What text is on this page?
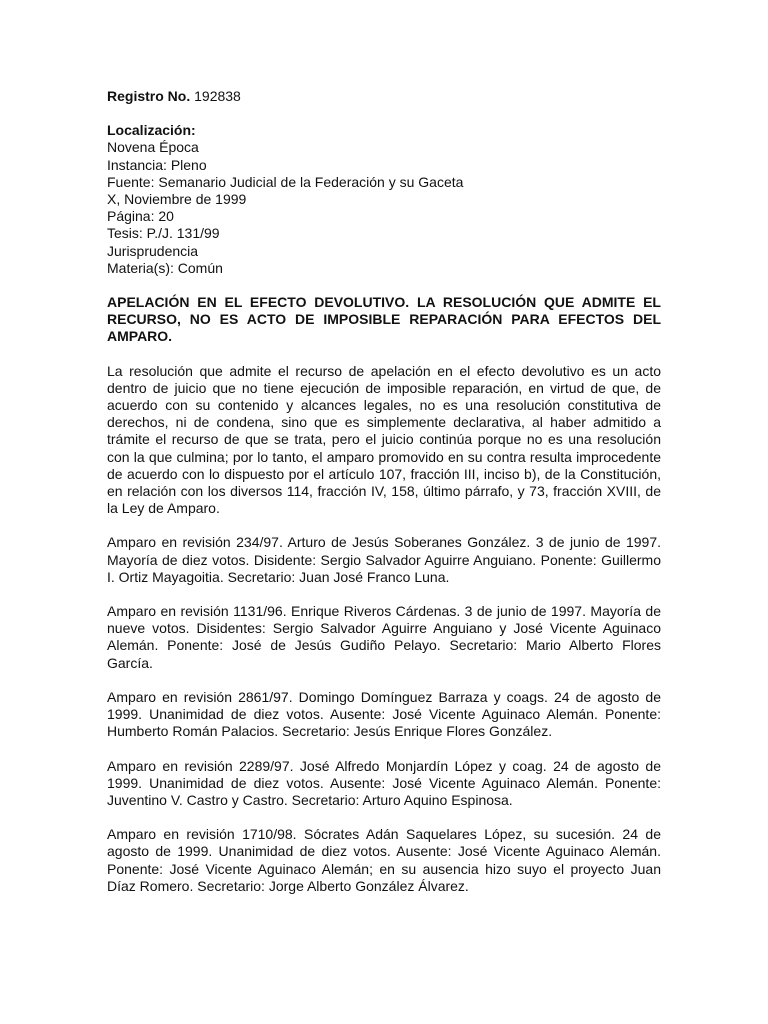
Registro No. 192838
Localización:
Novena Época
Instancia: Pleno
Fuente: Semanario Judicial de la Federación y su Gaceta
X, Noviembre de 1999
Página: 20
Tesis: P./J. 131/99
Jurisprudencia
Materia(s): Común
APELACIÓN EN EL EFECTO DEVOLUTIVO. LA RESOLUCIÓN QUE ADMITE EL RECURSO, NO ES ACTO DE IMPOSIBLE REPARACIÓN PARA EFECTOS DEL AMPARO.
La resolución que admite el recurso de apelación en el efecto devolutivo es un acto dentro de juicio que no tiene ejecución de imposible reparación, en virtud de que, de acuerdo con su contenido y alcances legales, no es una resolución constitutiva de derechos, ni de condena, sino que es simplemente declarativa, al haber admitido a trámite el recurso de que se trata, pero el juicio continúa porque no es una resolución con la que culmina; por lo tanto, el amparo promovido en su contra resulta improcedente de acuerdo con lo dispuesto por el artículo 107, fracción III, inciso b), de la Constitución, en relación con los diversos 114, fracción IV, 158, último párrafo, y 73, fracción XVIII, de la Ley de Amparo.
Amparo en revisión 234/97. Arturo de Jesús Soberanes González. 3 de junio de 1997. Mayoría de diez votos. Disidente: Sergio Salvador Aguirre Anguiano. Ponente: Guillermo I. Ortiz Mayagoitia. Secretario: Juan José Franco Luna.
Amparo en revisión 1131/96. Enrique Riveros Cárdenas. 3 de junio de 1997. Mayoría de nueve votos. Disidentes: Sergio Salvador Aguirre Anguiano y José Vicente Aguinaco Alemán. Ponente: José de Jesús Gudiño Pelayo. Secretario: Mario Alberto Flores García.
Amparo en revisión 2861/97. Domingo Domínguez Barraza y coags. 24 de agosto de 1999. Unanimidad de diez votos. Ausente: José Vicente Aguinaco Alemán. Ponente: Humberto Román Palacios. Secretario: Jesús Enrique Flores González.
Amparo en revisión 2289/97. José Alfredo Monjardín López y coag. 24 de agosto de 1999. Unanimidad de diez votos. Ausente: José Vicente Aguinaco Alemán. Ponente: Juventino V. Castro y Castro. Secretario: Arturo Aquino Espinosa.
Amparo en revisión 1710/98. Sócrates Adán Saquelares López, su sucesión. 24 de agosto de 1999. Unanimidad de diez votos. Ausente: José Vicente Aguinaco Alemán. Ponente: José Vicente Aguinaco Alemán; en su ausencia hizo suyo el proyecto Juan Díaz Romero. Secretario: Jorge Alberto González Álvarez.
